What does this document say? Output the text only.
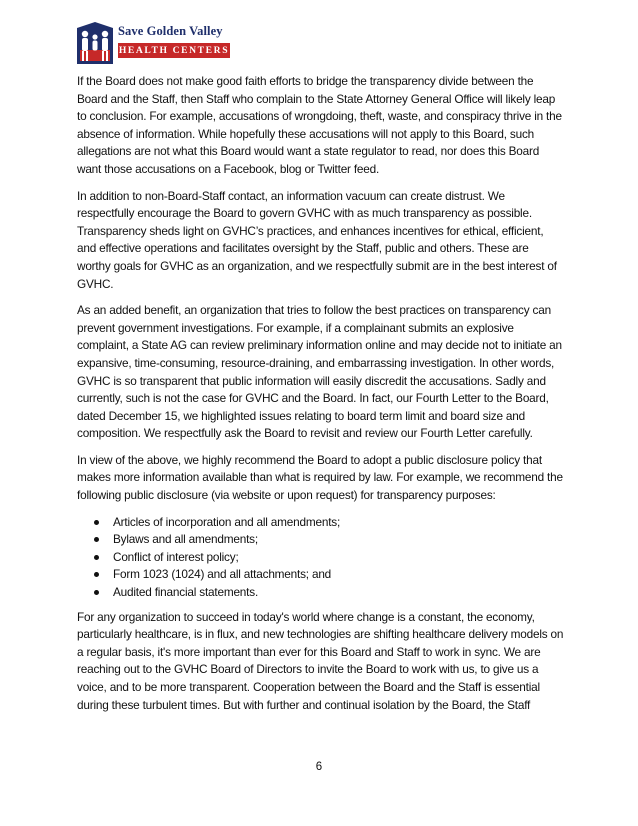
Save Golden Valley
HEALTH CENTERS

If the Board does not make good faith efforts to bridge the transparency divide between the Board and the Staff, then Staff who complain to the State Attorney General Office will likely leap to conclusion. For example, accusations of wrongdoing, theft, waste, and conspiracy thrive in the absence of information. While hopefully these accusations will not apply to this Board, such allegations are not what this Board would want a state regulator to read, nor does this Board want those accusations on a Facebook, blog or Twitter feed.

In addition to non-Board-Staff contact, an information vacuum can create distrust. We respectfully encourage the Board to govern GVHC with as much transparency as possible. Transparency sheds light on GVHC’s practices, and enhances incentives for ethical, efficient, and effective operations and facilitates oversight by the Staff, public and others. These are worthy goals for GVHC as an organization, and we respectfully submit are in the best interest of GVHC.

As an added benefit, an organization that tries to follow the best practices on transparency can prevent government investigations. For example, if a complainant submits an explosive complaint, a State AG can review preliminary information online and may decide not to initiate an expansive, time-consuming, resource-draining, and embarrassing investigation. In other words, GVHC is so transparent that public information will easily discredit the accusations. Sadly and currently, such is not the case for GVHC and the Board. In fact, our Fourth Letter to the Board, dated December 15, we highlighted issues relating to board term limit and board size and composition. We respectfully ask the Board to revisit and review our Fourth Letter carefully.

In view of the above, we highly recommend the Board to adopt a public disclosure policy that makes more information available than what is required by law. For example, we recommend the following public disclosure (via website or upon request) for transparency purposes:

Articles of incorporation and all amendments;
Bylaws and all amendments;
Conflict of interest policy;
Form 1023 (1024) and all attachments; and
Audited financial statements.

For any organization to succeed in today's world where change is a constant, the economy, particularly healthcare, is in flux, and new technologies are shifting healthcare delivery models on a regular basis, it's more important than ever for this Board and Staff to work in sync. We are reaching out to the GVHC Board of Directors to invite the Board to work with us, to give us a voice, and to be more transparent. Cooperation between the Board and the Staff is essential during these turbulent times. But with further and continual isolation by the Board, the Staff

6
